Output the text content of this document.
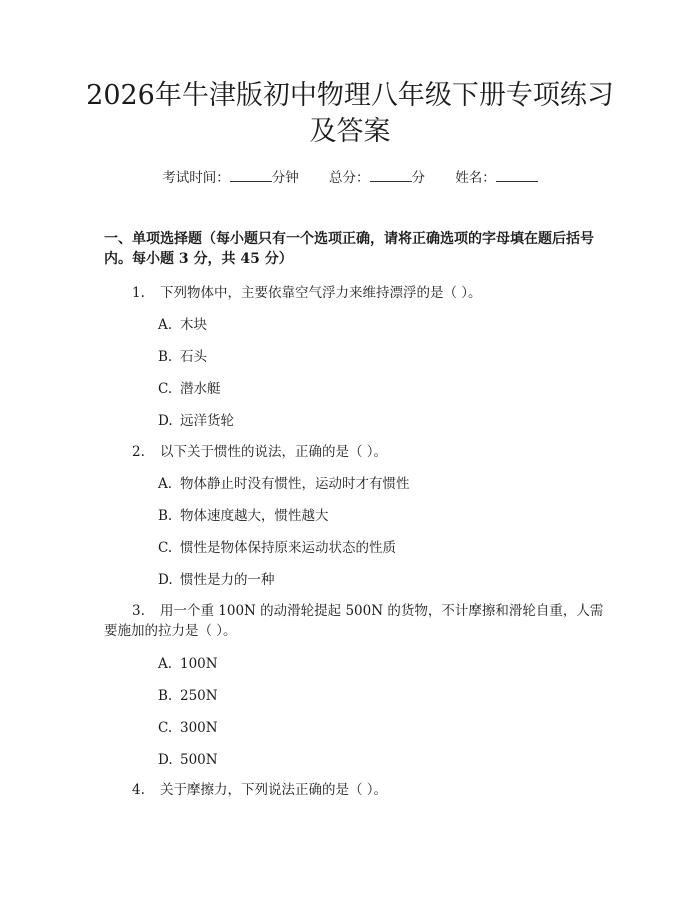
2026年牛津版初中物理八年级下册专项练习
及答案
考试时间：	分钟 总分：	分 姓名：
一、单项选择题（每小题只有一个选项正确，请将正确选项的字母填在题后括号内。每小题 3 分，共 45 分）
1. 下列物体中，主要依靠空气浮力来维持漂浮的是（ ）。
A. 木块
B. 石头
C. 潜水艇
D. 远洋货轮
2. 以下关于惯性的说法，正确的是（ ）。
A. 物体静止时没有惯性，运动时才有惯性
B. 物体速度越大，惯性越大
C. 惯性是物体保持原来运动状态的性质
D. 惯性是力的一种
3. 用一个重 100N 的动滑轮提起 500N 的货物，不计摩擦和滑轮自重，人需要施加的拉力是（ ）。
A. 100N
B. 250N
C. 300N
D. 500N
4. 关于摩擦力，下列说法正确的是（ ）。
